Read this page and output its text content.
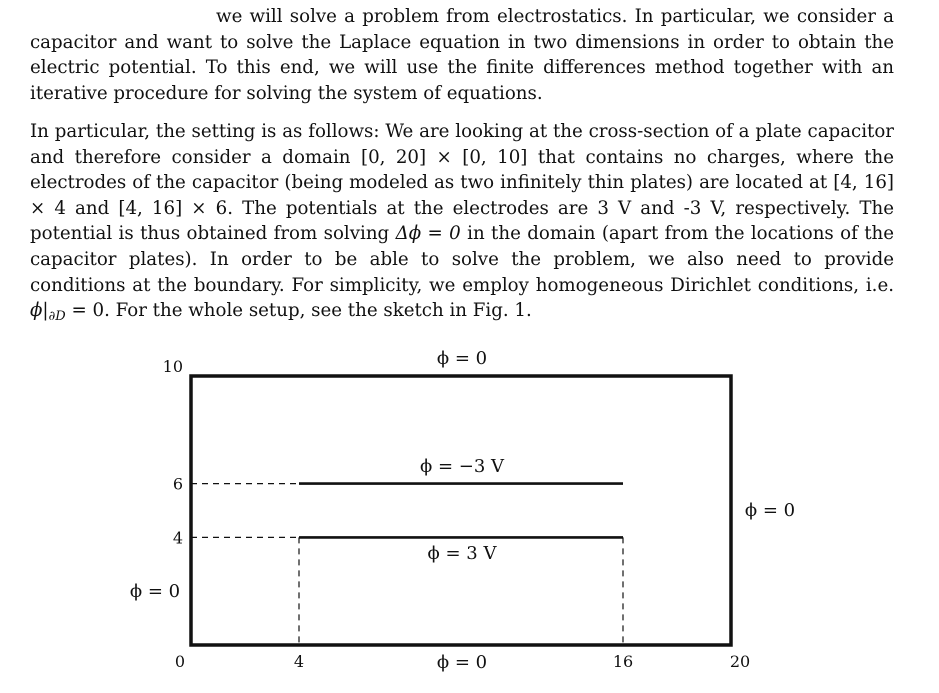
we will solve a problem from electrostatics. In particular, we consider a capacitor and want to solve the Laplace equation in two dimensions in order to obtain the electric potential. To this end, we will use the finite differences method together with an iterative procedure for solving the system of equations.

In particular, the setting is as follows: We are looking at the cross-section of a plate capacitor and therefore consider a domain [0, 20] × [0, 10] that contains no charges, where the electrodes of the capacitor (being modeled as two infinitely thin plates) are located at [4, 16] × 4 and [4, 16] × 6. The potentials at the electrodes are 3 V and -3 V, respectively. The potential is thus obtained from solving Δϕ = 0 in the domain (apart from the locations of the capacitor plates). In order to be able to solve the problem, we also need to provide conditions at the boundary. For simplicity, we employ homogeneous Dirichlet conditions, i.e. $\phi|_{\partial D} = 0$. For the whole setup, see the sketch in Fig. 1.

0	4	16	20
10
6
4
ϕ = 0
ϕ = 0
ϕ = 0
ϕ = 0
ϕ = −3 V
ϕ = 3 V
